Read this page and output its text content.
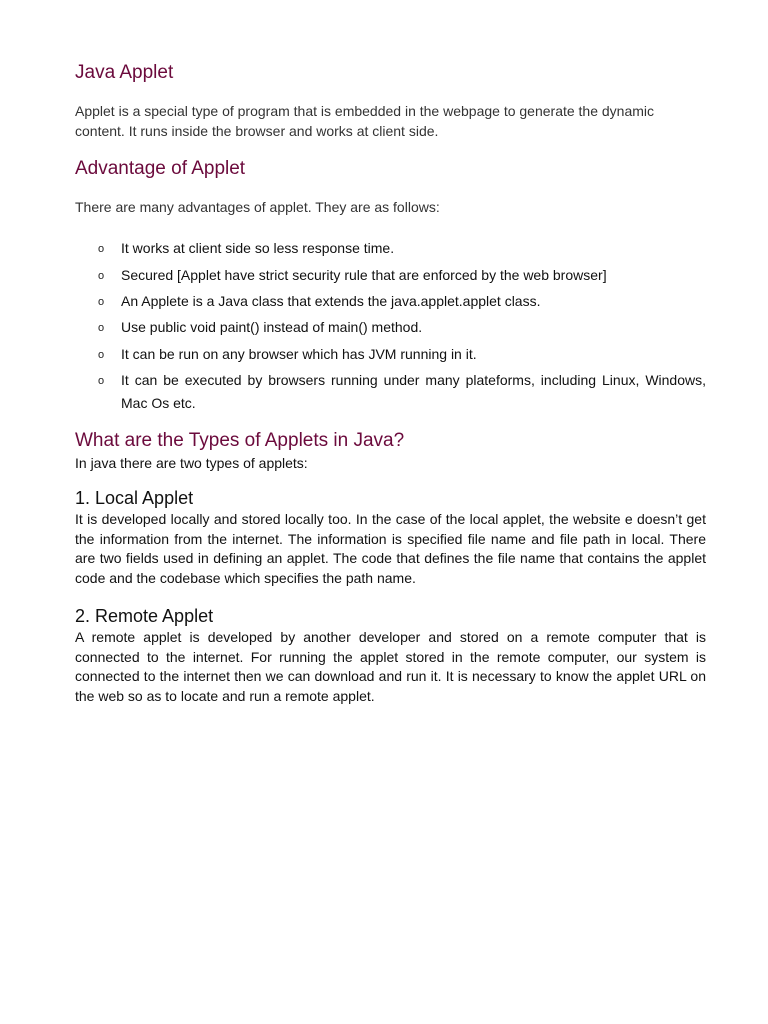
Java Applet

Applet is a special type of program that is embedded in the webpage to generate the dynamic content. It runs inside the browser and works at client side.

Advantage of Applet

There are many advantages of applet. They are as follows:

o It works at client side so less response time.
o Secured [Applet have strict security rule that are enforced by the web browser]
o An Applete is a Java class that extends the java.applet.applet class.
o Use public void paint() instead of main() method.
o It can be run on any browser which has JVM running in it.
o It can be executed by browsers running under many plateforms, including Linux, Windows, Mac Os etc.
What are the Types of Applets in Java?

In java there are two types of applets:

1. Local Applet

It is developed locally and stored locally too. In the case of the local applet, the website e doesn’t get the information from the internet. The information is specified file name and file path in local. There are two fields used in defining an applet. The code that defines the file name that contains the applet code and the codebase which specifies the path name.

2. Remote Applet

A remote applet is developed by another developer and stored on a remote computer that is connected to the internet. For running the applet stored in the remote computer, our system is connected to the internet then we can download and run it. It is necessary to know the applet URL on the web so as to locate and run a remote applet.
